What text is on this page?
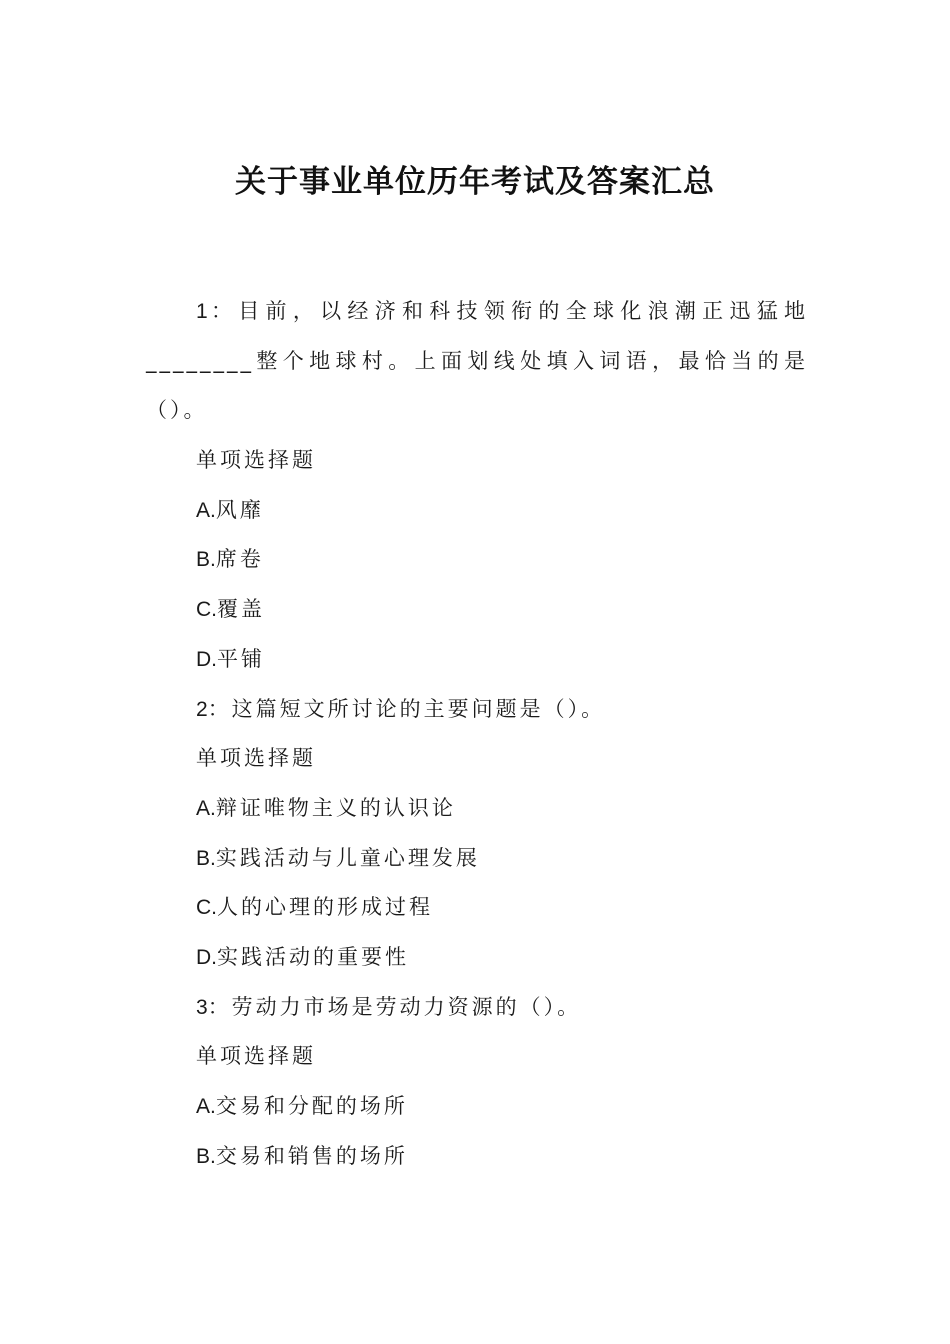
关于事业单位历年考试及答案汇总

1：目前，以经济和科技领衔的全球化浪潮正迅猛地________整个地球村。上面划线处填入词语，最恰当的是（）。

单项选择题
A.风靡
B.席卷
C.覆盖
D.平铺
2：这篇短文所讨论的主要问题是（）。
单项选择题
A.辩证唯物主义的认识论
B.实践活动与儿童心理发展
C.人的心理的形成过程
D.实践活动的重要性
3：劳动力市场是劳动力资源的（）。
单项选择题
A.交易和分配的场所
B.交易和销售的场所
